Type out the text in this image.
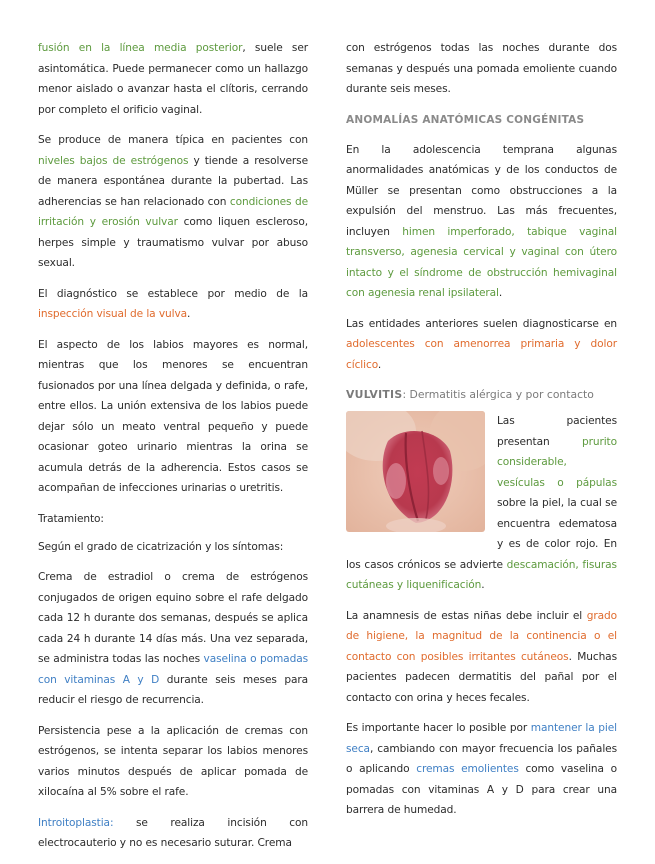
fusión en la línea media posterior, suele ser asintomática. Puede permanecer como un hallazgo menor aislado o avanzar hasta el clítoris, cerrando por completo el orificio vaginal.

Se produce de manera típica en pacientes con niveles bajos de estrógenos y tiende a resolverse de manera espontánea durante la pubertad. Las adherencias se han relacionado con condiciones de irritación y erosión vulvar como liquen escleroso, herpes simple y traumatismo vulvar por abuso sexual.

El diagnóstico se establece por medio de la inspección visual de la vulva.

El aspecto de los labios mayores es normal, mientras que los menores se encuentran fusionados por una línea delgada y definida, o rafe, entre ellos. La unión extensiva de los labios puede dejar sólo un meato ventral pequeño y puede ocasionar goteo urinario mientras la orina se acumula detrás de la adherencia. Estos casos se acompañan de infecciones urinarias o uretritis.

Tratamiento:

Según el grado de cicatrización y los síntomas:

Crema de estradiol o crema de estrógenos conjugados de origen equino sobre el rafe delgado cada 12 h durante dos semanas, después se aplica cada 24 h durante 14 días más. Una vez separada, se administra todas las noches vaselina o pomadas con vitaminas A y D durante seis meses para reducir el riesgo de recurrencia.

Persistencia pese a la aplicación de cremas con estrógenos, se intenta separar los labios menores varios minutos después de aplicar pomada de xilocaína al 5% sobre el rafe.

Introitoplastia: se realiza incisión con electrocauterio y no es necesario suturar. Crema

con estrógenos todas las noches durante dos semanas y después una pomada emoliente cuando durante seis meses.

ANOMALÍAS ANATÓMICAS CONGÉNITAS

En la adolescencia temprana algunas anormalidades anatómicas y de los conductos de Müller se presentan como obstrucciones a la expulsión del menstruo. Las más frecuentes, incluyen himen imperforado, tabique vaginal transverso, agenesia cervical y vaginal con útero intacto y el síndrome de obstrucción hemivaginal con agenesia renal ipsilateral.

Las entidades anteriores suelen diagnosticarse en adolescentes con amenorrea primaria y dolor cíclico.

VULVITIS: Dermatitis alérgica y por contacto

Las pacientes presentan prurito considerable, vesículas o pápulas sobre la piel, la cual se encuentra edematosa y es de color rojo. En los casos crónicos se advierte descamación, fisuras cutáneas y liquenificación.

La anamnesis de estas niñas debe incluir el grado de higiene, la magnitud de la continencia o el contacto con posibles irritantes cutáneos. Muchas pacientes padecen dermatitis del pañal por el contacto con orina y heces fecales.

Es importante hacer lo posible por mantener la piel seca, cambiando con mayor frecuencia los pañales o aplicando cremas emolientes como vaselina o pomadas con vitaminas A y D para crear una barrera de humedad.
